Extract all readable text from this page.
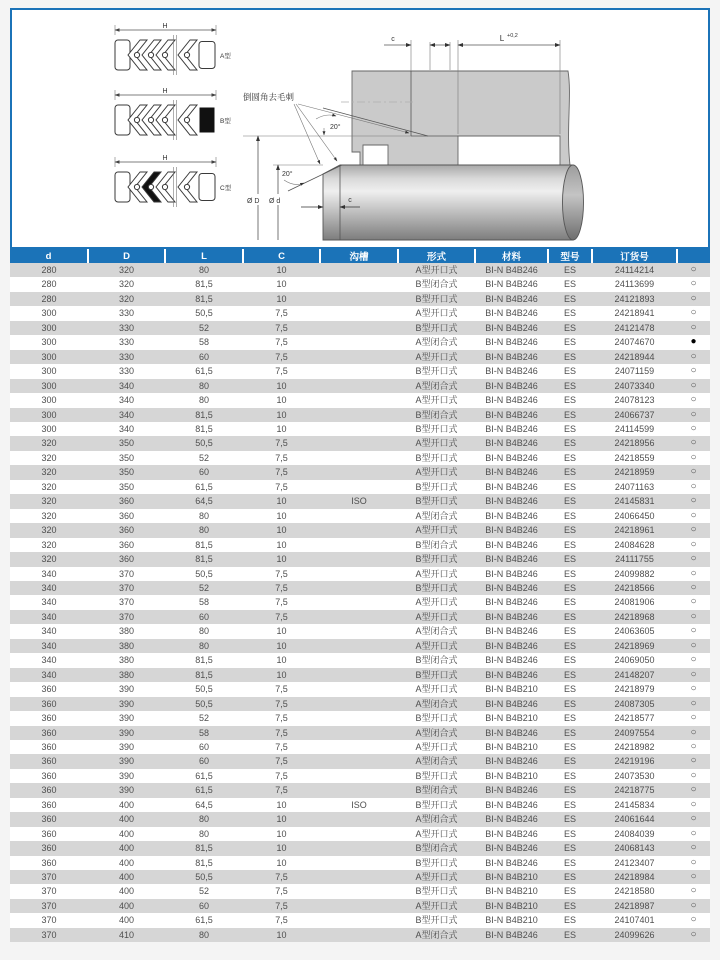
H
A型
H
B型
H
C型
c	L +0,2
倒圆角去毛刺
20°
20°
Ø D Ø d	c
d	D	L	C	沟槽	形式	材料	型号	订货号	
280	320	80	10		A型开口式	BI-N B4B246	ES	24114214	○
280	320	81,5	10		B型闭合式	BI-N B4B246	ES	24113699	○
280	320	81,5	10		B型开口式	BI-N B4B246	ES	24121893	○
300	330	50,5	7,5		A型开口式	BI-N B4B246	ES	24218941	○
300	330	52	7,5		B型开口式	BI-N B4B246	ES	24121478	○
300	330	58	7,5		A型闭合式	BI-N B4B246	ES	24074670	●
300	330	60	7,5		A型开口式	BI-N B4B246	ES	24218944	○
300	330	61,5	7,5		B型开口式	BI-N B4B246	ES	24071159	○
300	340	80	10		A型闭合式	BI-N B4B246	ES	24073340	○
300	340	80	10		A型开口式	BI-N B4B246	ES	24078123	○
300	340	81,5	10		B型闭合式	BI-N B4B246	ES	24066737	○
300	340	81,5	10		B型开口式	BI-N B4B246	ES	24114599	○
320	350	50,5	7,5		A型开口式	BI-N B4B246	ES	24218956	○
320	350	52	7,5		B型开口式	BI-N B4B246	ES	24218559	○
320	350	60	7,5		A型开口式	BI-N B4B246	ES	24218959	○
320	350	61,5	7,5		B型开口式	BI-N B4B246	ES	24071163	○
320	360	64,5	10	ISO	B型开口式	BI-N B4B246	ES	24145831	○
320	360	80	10		A型闭合式	BI-N B4B246	ES	24066450	○
320	360	80	10		A型开口式	BI-N B4B246	ES	24218961	○
320	360	81,5	10		B型闭合式	BI-N B4B246	ES	24084628	○
320	360	81,5	10		B型开口式	BI-N B4B246	ES	24111755	○
340	370	50,5	7,5		A型开口式	BI-N B4B246	ES	24099882	○
340	370	52	7,5		B型开口式	BI-N B4B246	ES	24218566	○
340	370	58	7,5		A型开口式	BI-N B4B246	ES	24081906	○
340	370	60	7,5		A型开口式	BI-N B4B246	ES	24218968	○
340	380	80	10		A型闭合式	BI-N B4B246	ES	24063605	○
340	380	80	10		A型开口式	BI-N B4B246	ES	24218969	○
340	380	81,5	10		B型闭合式	BI-N B4B246	ES	24069050	○
340	380	81,5	10		B型开口式	BI-N B4B246	ES	24148207	○
360	390	50,5	7,5		A型开口式	BI-N B4B210	ES	24218979	○
360	390	50,5	7,5		A型闭合式	BI-N B4B246	ES	24087305	○
360	390	52	7,5		B型开口式	BI-N B4B210	ES	24218577	○
360	390	58	7,5		A型闭合式	BI-N B4B246	ES	24097554	○
360	390	60	7,5		A型开口式	BI-N B4B210	ES	24218982	○
360	390	60	7,5		A型闭合式	BI-N B4B246	ES	24219196	○
360	390	61,5	7,5		B型开口式	BI-N B4B210	ES	24073530	○
360	390	61,5	7,5		B型闭合式	BI-N B4B246	ES	24218775	○
360	400	64,5	10	ISO	B型开口式	BI-N B4B246	ES	24145834	○
360	400	80	10		A型闭合式	BI-N B4B246	ES	24061644	○
360	400	80	10		A型开口式	BI-N B4B246	ES	24084039	○
360	400	81,5	10		B型闭合式	BI-N B4B246	ES	24068143	○
360	400	81,5	10		B型开口式	BI-N B4B246	ES	24123407	○
370	400	50,5	7,5		A型开口式	BI-N B4B210	ES	24218984	○
370	400	52	7,5		B型开口式	BI-N B4B210	ES	24218580	○
370	400	60	7,5		A型开口式	BI-N B4B210	ES	24218987	○
370	400	61,5	7,5		B型开口式	BI-N B4B210	ES	24107401	○
370	410	80	10		A型闭合式	BI-N B4B246	ES	24099626	○
